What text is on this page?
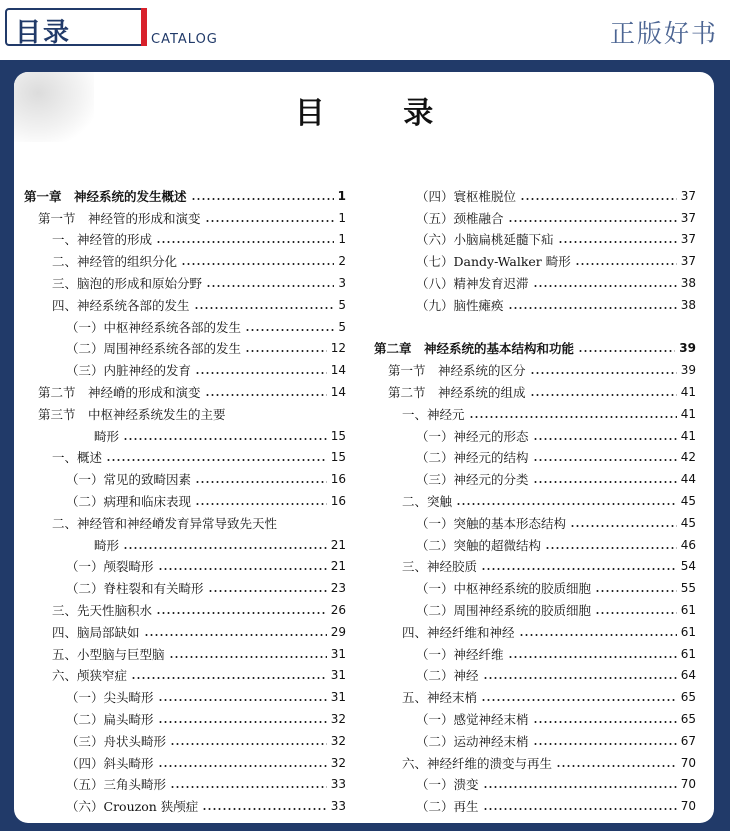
目录	CATALOG	正版好书
目 录
第一章　神经系统的发生概述	1
第一节　神经管的形成和演变	1
一、神经管的形成	1
二、神经管的组织分化	2
三、脑泡的形成和原始分野	3
四、神经系统各部的发生	5
（一）中枢神经系统各部的发生	5
（二）周围神经系统各部的发生	12
（三）内脏神经的发育	14
第二节　神经嵴的形成和演变	14
第三节　中枢神经系统发生的主要
畸形	15
一、概述	15
（一）常见的致畸因素	16
（二）病理和临床表现	16
二、神经管和神经嵴发育异常导致先天性
畸形	21
（一）颅裂畸形	21
（二）脊柱裂和有关畸形	23
三、先天性脑积水	26
四、脑局部缺如	29
五、小型脑与巨型脑	31
六、颅狭窄症	31
（一）尖头畸形	31
（二）扁头畸形	32
（三）舟状头畸形	32
（四）斜头畸形	32
（五）三角头畸形	33
（六）Crouzon 狭颅症	33
（四）寰枢椎脱位	37
（五）颈椎融合	37
（六）小脑扁桃延髓下疝	37
（七）Dandy-Walker 畸形	37
（八）精神发育迟滞	38
（九）脑性瘫痪	38
第二章　神经系统的基本结构和功能	39
第一节　神经系统的区分	39
第二节　神经系统的组成	41
一、神经元	41
（一）神经元的形态	41
（二）神经元的结构	42
（三）神经元的分类	44
二、突触	45
（一）突触的基本形态结构	45
（二）突触的超微结构	46
三、神经胶质	54
（一）中枢神经系统的胶质细胞	55
（二）周围神经系统的胶质细胞	61
四、神经纤维和神经	61
（一）神经纤维	61
（二）神经	64
五、神经末梢	65
（一）感觉神经末梢	65
（二）运动神经末梢	67
六、神经纤维的溃变与再生	70
（一）溃变	70
（二）再生	70
